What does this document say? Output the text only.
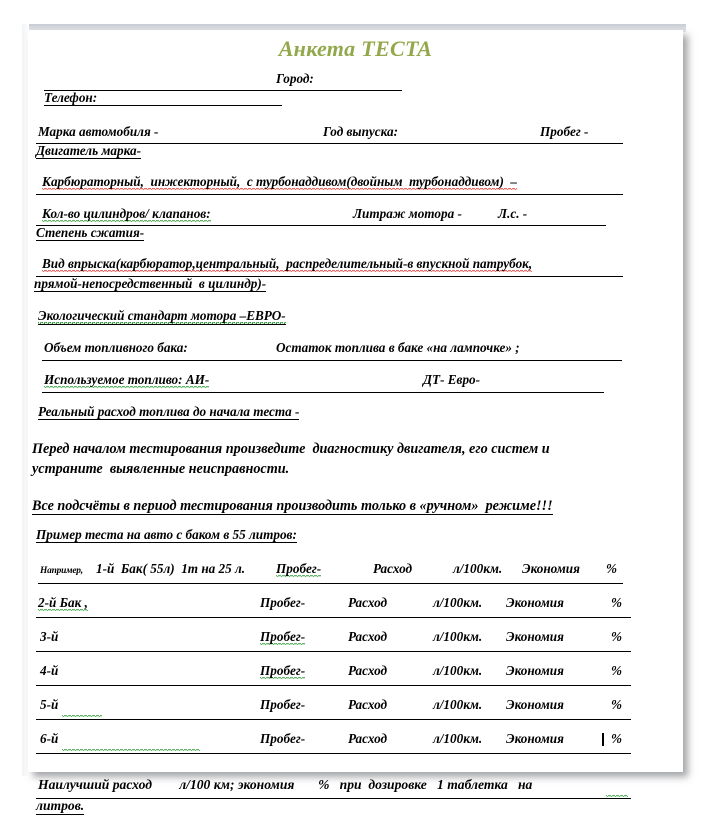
Анкета ТЕСТА
Город:
Телефон:
Марка автомобиля -	Год выпуска:	Пробег -
Двигатель марка-
Карбюраторный,  инжекторный,  с турбонаддивом(двойным  турбонаддивом)  –
Кол-во цилиндров/ клапанов:	Литраж мотора -	Л.с. -
Степень сжатия-
Вид впрыска(карбюратор,центральный,  распределительный-в впускной патрубок,
прямой-непосредственный  в цилиндр)-
Экологический стандарт мотора –ЕВРО-
Объем топливного бака:	Остаток топлива в баке «на лампочке» ;
Используемое топливо: АИ-	ДТ- Евро-
Реальный расход топлива до начала теста -
Перед началом тестирования произведите  диагностику двигателя, его систем и
устраните  выявленные неисправности.
Все подсчёты в период тестирования производить только в «ручном»  режиме!!!
Пример теста на авто с баком в 55 литров:
Например, 1-й  Бак( 55л)  1т на 25 л. Пробег-	Расход	л/100км. Экономия %
2-й Бак ,	Пробег-	Расход	л/100км. Экономия	%
3-й	Пробег-	Расход	л/100км. Экономия	%
4-й	Пробег-	Расход	л/100км. Экономия	%
5-й	Пробег-	Расход	л/100км. Экономия	%
6-й	Пробег-	Расход	л/100км. Экономия	%
Наилучший расход        л/100 км; экономия       %   при  дозировке   1 таблетка   на
литров.
